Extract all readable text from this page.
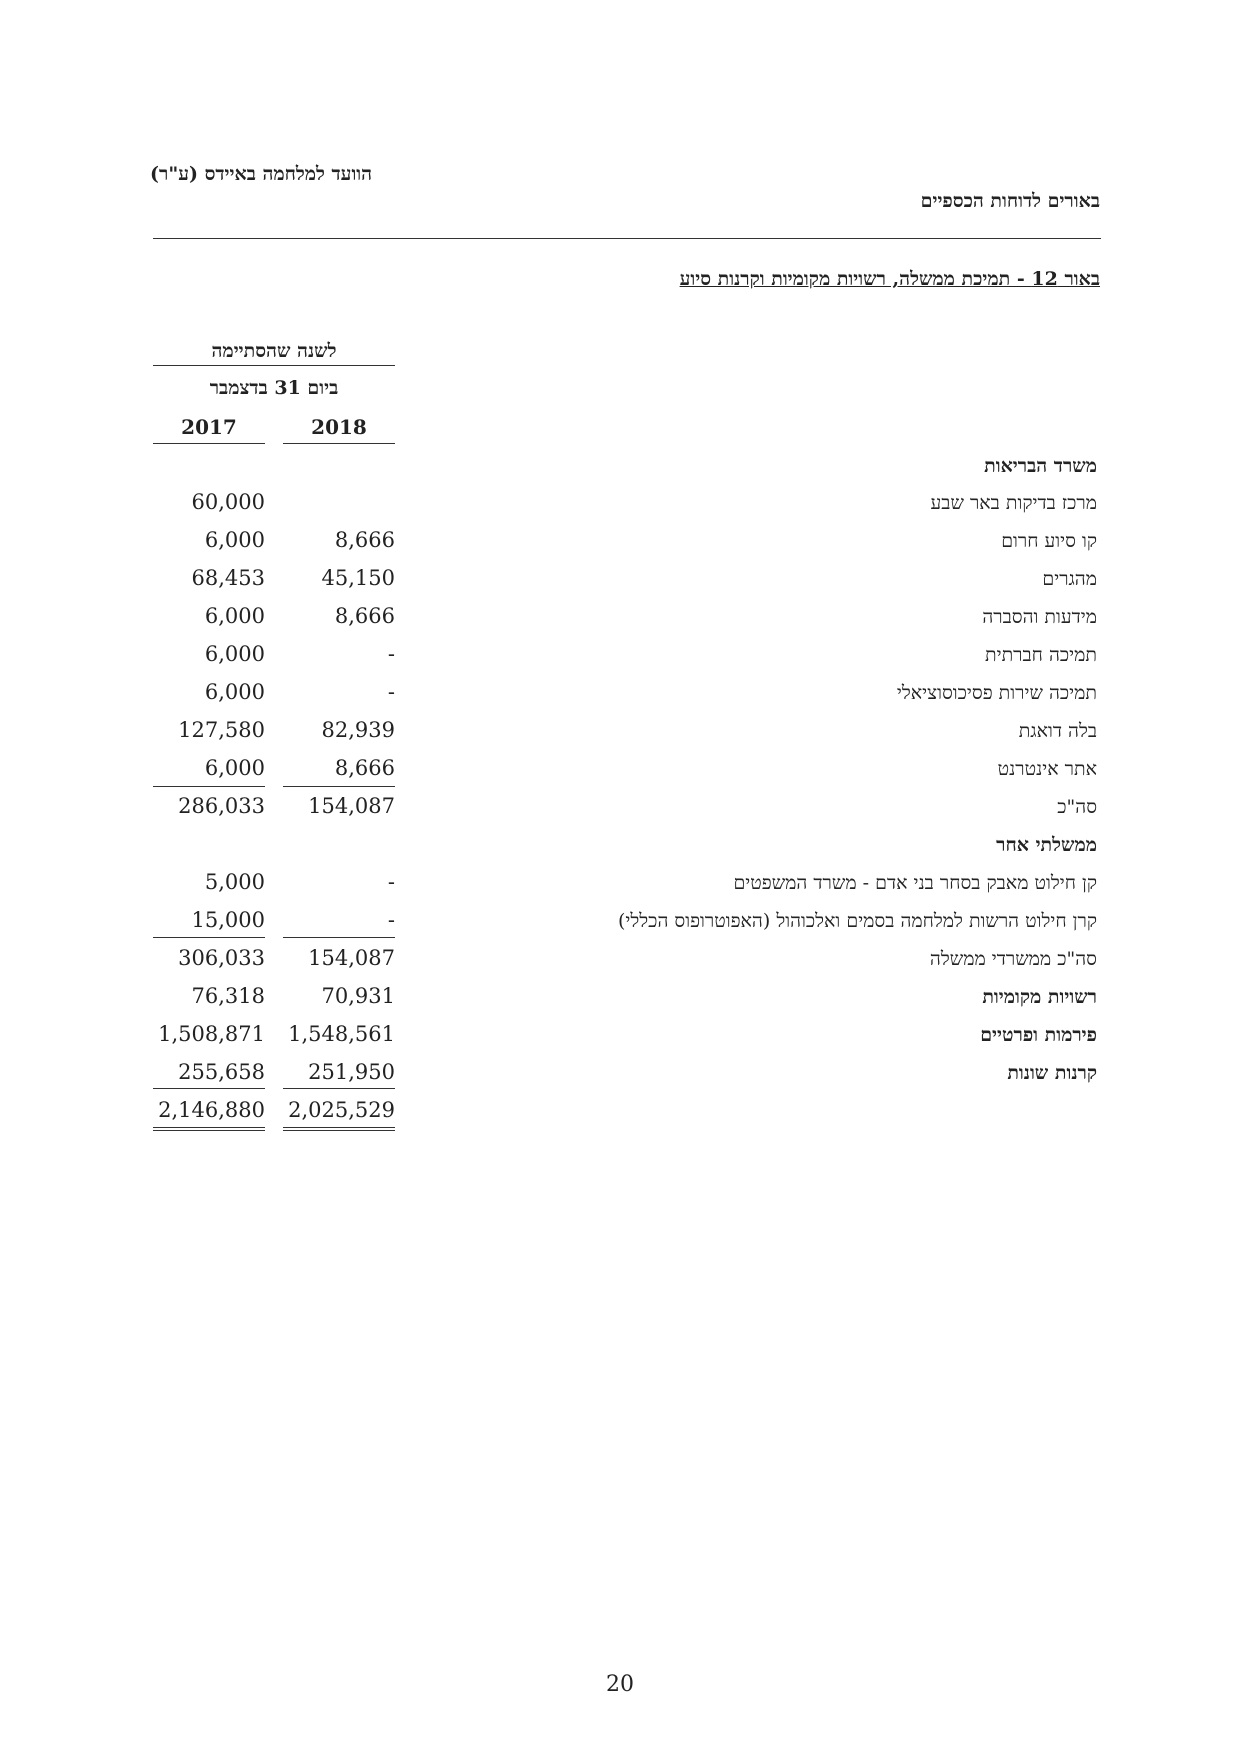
הוועד למלחמה באיידס (ע"ר)
באורים לדוחות הכספיים
באור 12 - תמיכת ממשלה, רשויות מקומיות וקרנות סיוע
לשנה שהסתיימה
ביום 31 בדצמבר
2018
2017
משרד הבריאות
מרכז בדיקות באר שבע
60,000
קו סיוע חרום
8,666
6,000
מהגרים
45,150
68,453
מידעות והסברה
8,666
6,000
תמיכה חברתית
-
6,000
תמיכה שירות פסיכוסוציאלי
-
6,000
בלה דואגת
82,939
127,580
אתר אינטרנט
8,666
6,000
סה"כ
154,087
286,033
ממשלתי אחר
קן חילוט מאבק בסחר בני אדם - משרד המשפטים
-
5,000
קרן חילוט הרשות למלחמה בסמים ואלכוהול (האפוטרופוס הכללי)
-
15,000
סה"כ ממשרדי ממשלה
154,087
306,033
רשויות מקומיות
70,931
76,318
פירמות ופרטיים
1,548,561
1,508,871
קרנות שונות
251,950
255,658
2,025,529
2,146,880
20
